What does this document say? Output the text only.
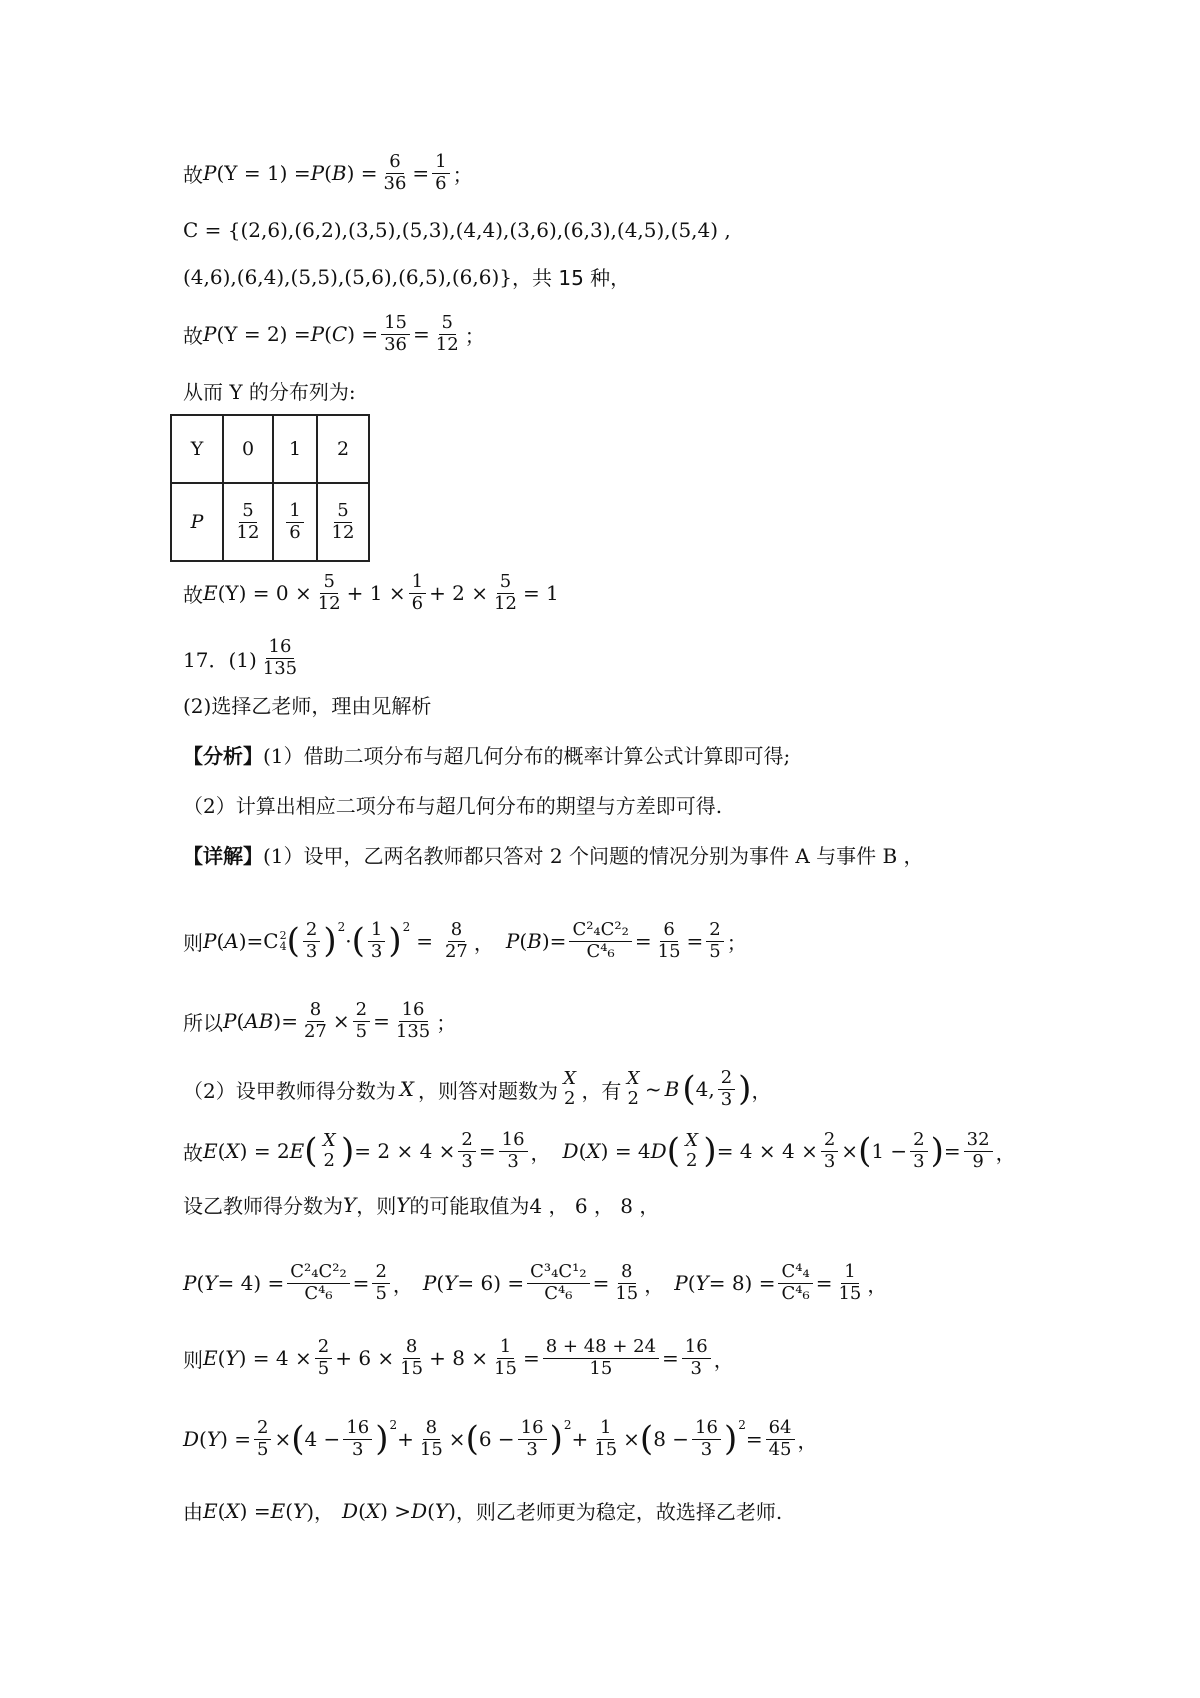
故 P (Y = 1) = P ( B ) = $\frac{6}{36} = \frac{1}{6}$ ；
C = {(2,6),(6,2),(3,5),(5,3),(4,4),(3,6),(6,3),(4,5),(5,4) ,
(4,6),(6,4),(5,5),(5,6),(6,5),(6,6)} ，共 15 种，
故 P (Y = 2) = P ( C ) = $\frac{15}{36} = \frac{5}{12}$ ；
从而 Y 的分布列为:
Y	0	1	2
P	$\frac{5}{12}$	$\frac{1}{6}$	$\frac{5}{12}$
故 E $(Y) = 0 \times \frac{5}{12} + 1 \times \frac{1}{6} + 2 \times \frac{5}{12} = 1$
17．$(1) \frac{16}{135}$
(2)选择乙老师，理由见解析
【分析】 (1）借助二项分布与超几何分布的概率计算公式计算即可得;
（2）计算出相应二项分布与超几何分布的期望与方差即可得.
【详解】 (1）设甲，乙两名教师都只答对 2 个问题的情况分别为事件 A 与事件 B ，
则 P ( A )= C 2
4 ( $\frac{2}{3}$ ) 2
· ( $\frac{1}{3}$ ) 2
= $\frac{8}{27}$ ， P ( B )= $\frac{\text{C²₄C²₂}}{\text{C⁴₆}} = \frac{6}{15} = \frac{2}{5}$ ；
所以 P ( AB )= $\frac{8}{27} \times \frac{2}{5} = \frac{16}{135}$ ；
（2）设甲教师得分数为 X ，则答对题数为
X
2 ，有
X
2 ~ B ( 4, $\frac{2}{3}$ ) ，
故 E ( X ) = 2 E ( X
2 ) = $2 \times 4 \times \frac{2}{3} = \frac{16}{3}$ ， D ( X ) = 4 D ( X
2 ) = $4 \times 4 \times \frac{2}{3}$ × ( $1 - \frac{2}{3}$ ) = $\frac{32}{9}$ ，
设乙教师得分数为 Y ，则 Y 的可能取值为4 ， 6 ， 8 ，
P ( $Y = 4) = \frac{\text{C²₄C²₂}}{\text{C⁴₆}} = \frac{2}{5}$ ， P ( $Y = 6) = \frac{\text{C³₄C¹₂}}{\text{C⁴₆}} = \frac{8}{15}$ ， P ( $Y = 8) = \frac{\text{C⁴₄}}{\text{C⁴₆}} = \frac{1}{15}$ ，
则 E ( Y ) = $4 \times \frac{2}{5} + 6 \times \frac{8}{15} + 8 \times \frac{1}{15} = \frac{8 + 48 + 24}{15} = \frac{16}{3}$ ，
D ( Y ) = $\frac{2}{5}$ × ( $4 - \frac{16}{3}$ ) 2
+ $\frac{8}{15}$ × ( $6 - \frac{16}{3}$ ) 2
+ $\frac{1}{15}$ × ( $8 - \frac{16}{3}$ ) 2
= $\frac{64}{45}$ ，
由 E ( X ) = E ( Y )， D ( X ) > D ( Y ) ，则乙老师更为稳定，故选择乙老师.
